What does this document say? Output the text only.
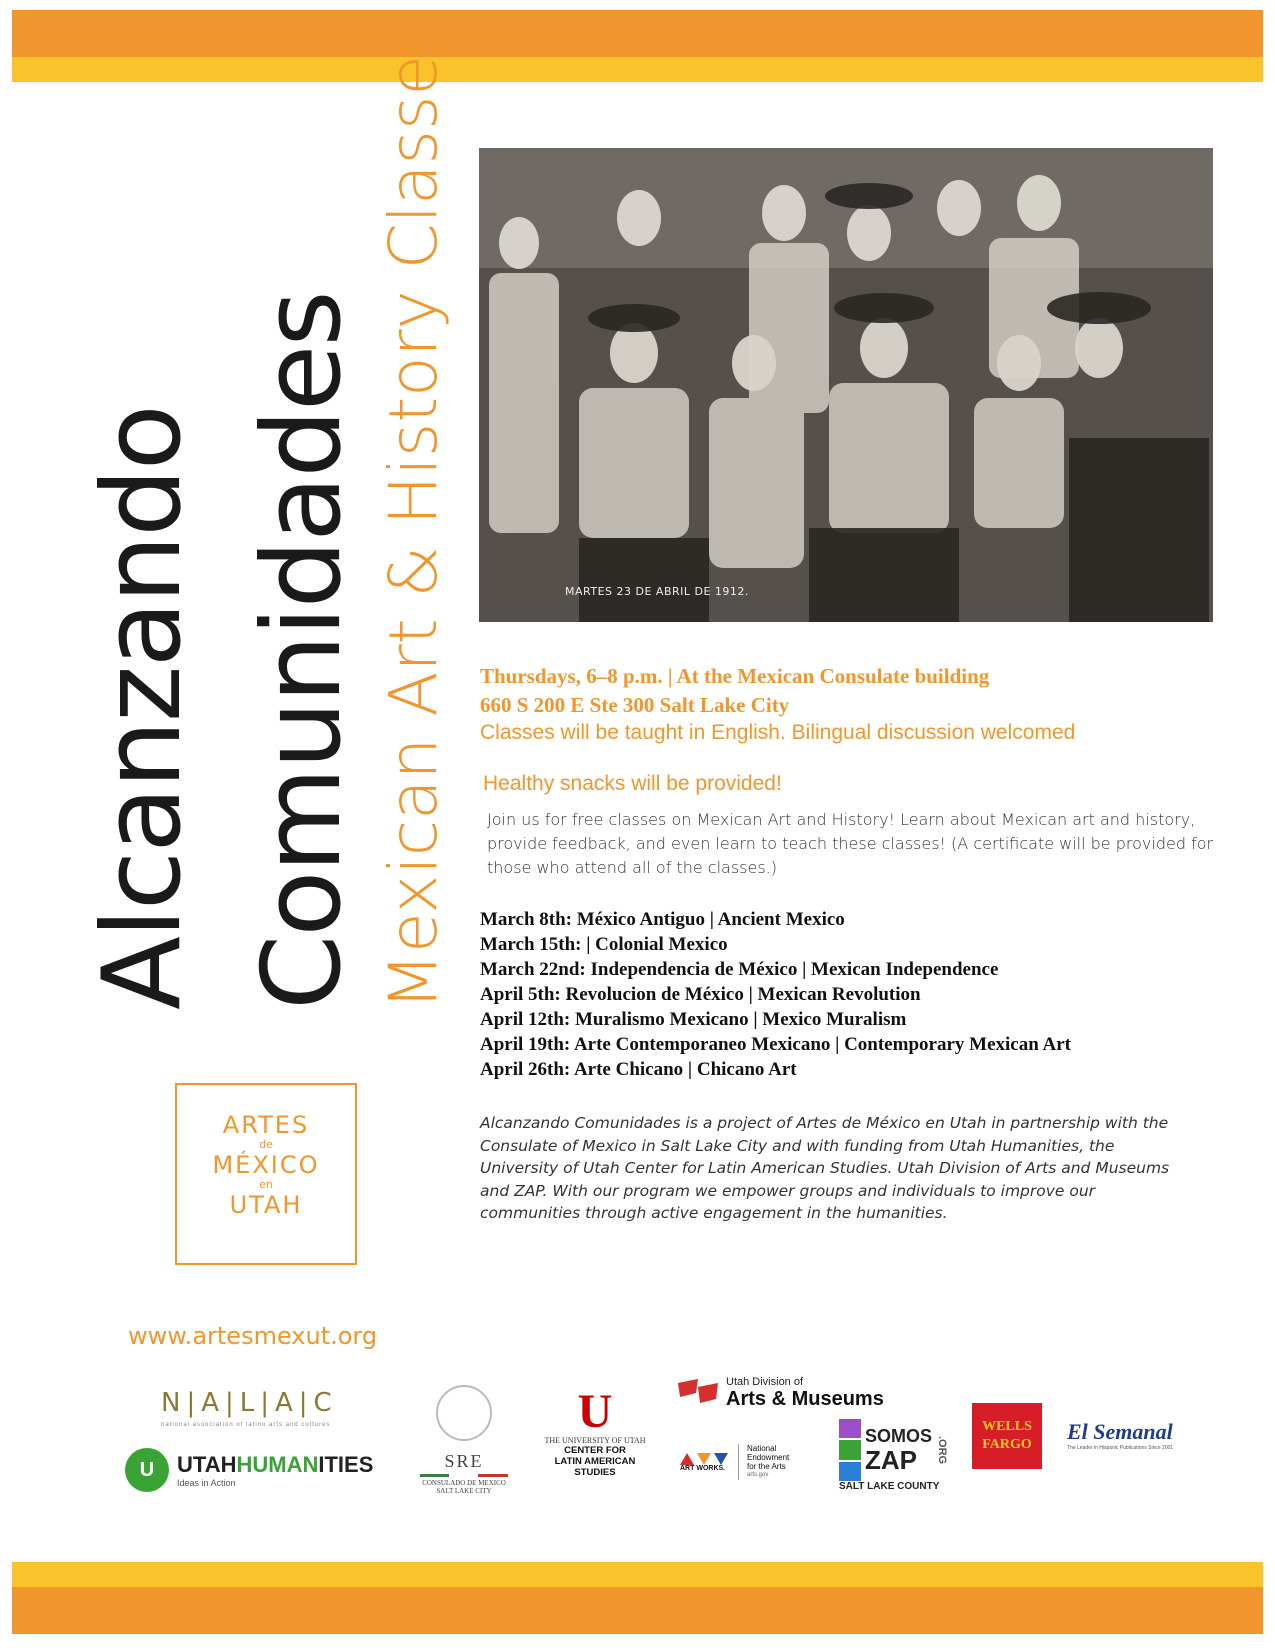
Alcanzando Comunidades Mexican Art & History Classes	MARTES 23 DE ABRIL DE 1912.
Thursdays, 6–8 p.m. | At the Mexican Consulate building
660 S 200 E Ste 300 Salt Lake City
Classes will be taught in English. Bilingual discussion welcomed
Healthy snacks will be provided!
Join us for free classes on Mexican Art and History! Learn about Mexican art and history, provide feedback, and even learn to teach these classes! (A certificate will be provided for those who attend all of the classes.)
March 8th: México Antiguo | Ancient Mexico
March 15th: | Colonial Mexico
March 22nd: Independencia de México | Mexican Independence
April 5th: Revolucion de México | Mexican Revolution
April 12th: Muralismo Mexicano | Mexico Muralism
April 19th: Arte Contemporaneo Mexicano | Contemporary Mexican Art
April 26th: Arte Chicano | Chicano Art
Alcanzando Comunidades is a project of Artes de México en Utah in partnership with the Consulate of Mexico in Salt Lake City and with funding from Utah Humanities, the University of Utah Center for Latin American Studies. Utah Division of Arts and Museums and ZAP. With our program we empower groups and individuals to improve our communities through active engagement in the humanities.
ARTES
de
MÉXICO
en
UTAH
www.artesmexut.org
N|A|L|A|C
national association of latino arts and cultures
U	UTAHHUMANITIES
Ideas in Action
SRE
CONSULADO DE MEXICO
SALT LAKE CITY
U
THE UNIVERSITY OF UTAH
CENTER FOR
LATIN AMERICAN STUDIES
Utah Division of
Arts & Museums
ART WORKS.
National
Endowment
for the Arts
arts.gov
SOMOS
ZAP	.ORG
SALT LAKE COUNTY
WELLS
FARGO
El Semanal
The Leader in Hispanic Publications Since 2001
